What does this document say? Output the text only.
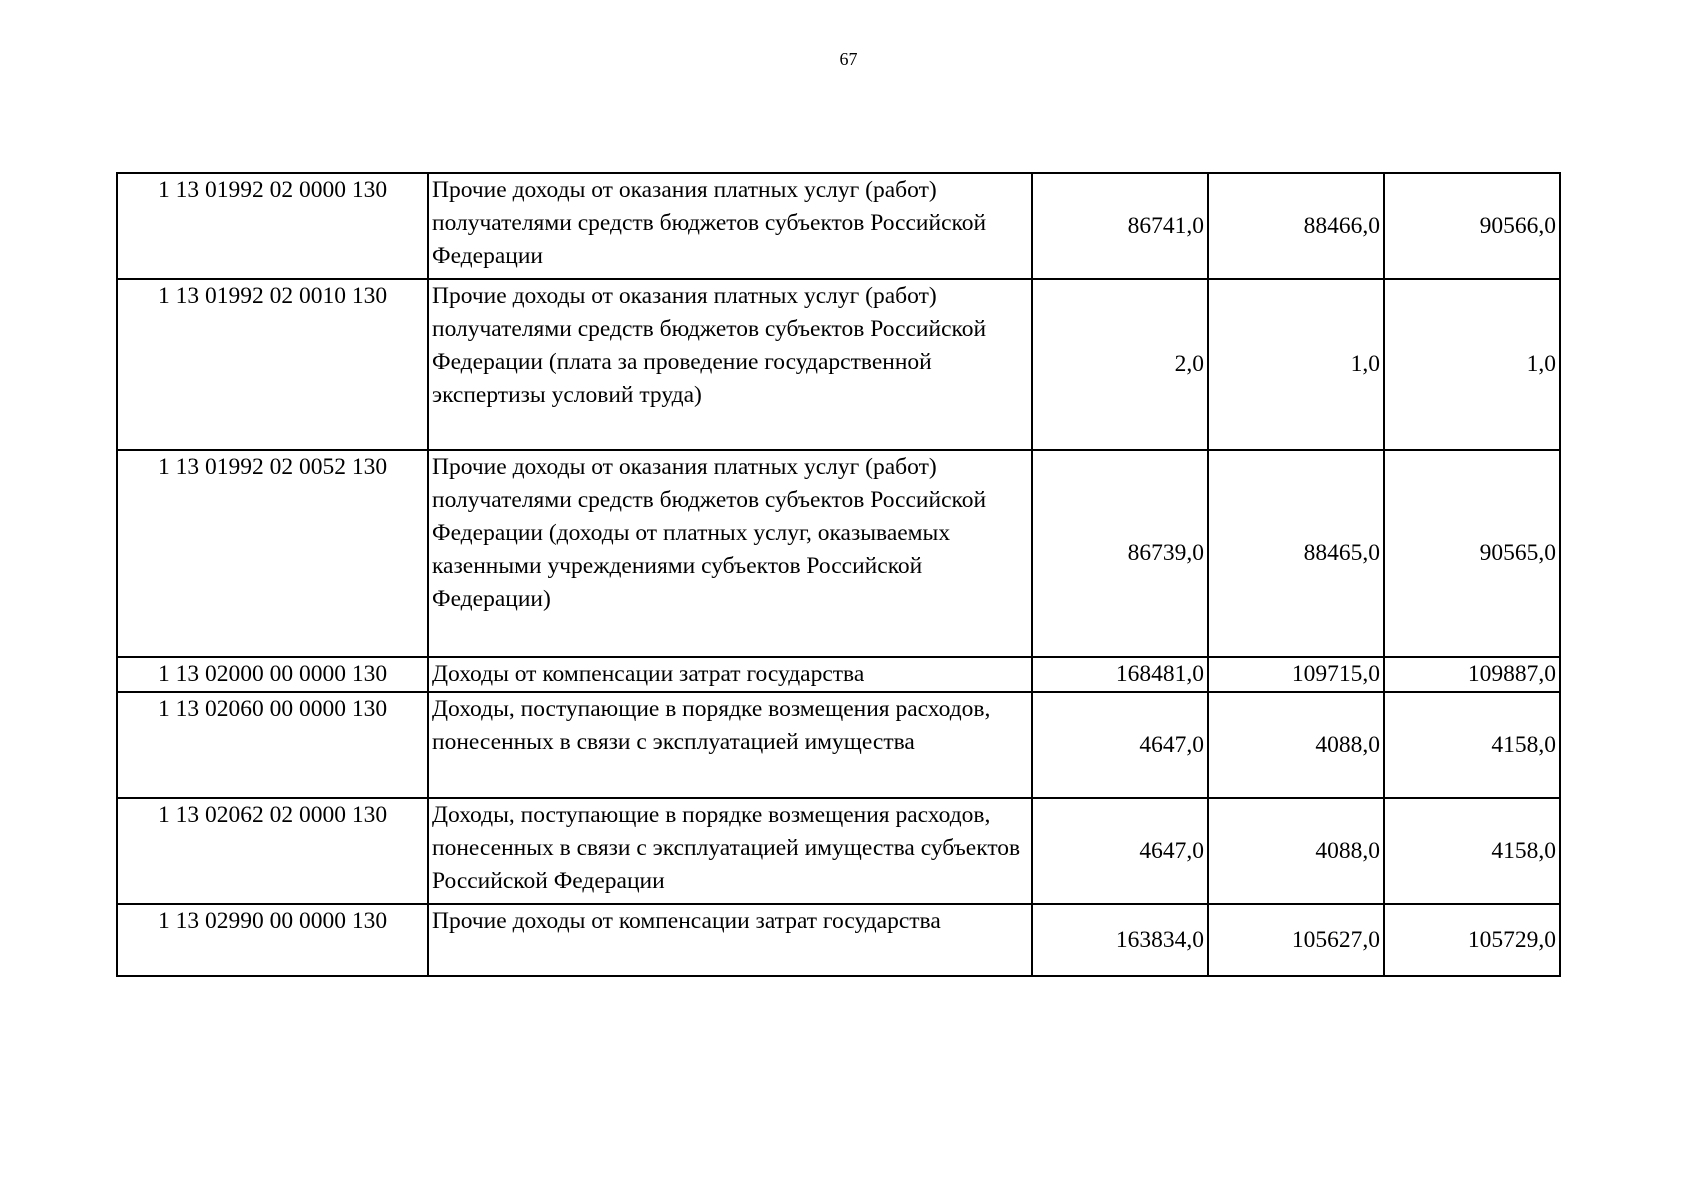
67
1 13 01992 02 0000 130	Прочие доходы от оказания платных услуг (работ) получателями средств бюджетов субъектов Российской Федерации	86741,0	88466,0	90566,0
1 13 01992 02 0010 130	Прочие доходы от оказания платных услуг (работ) получателями средств бюджетов субъектов Российской Федерации (плата за проведение государственной экспертизы условий труда)	2,0	1,0	1,0
1 13 01992 02 0052 130	Прочие доходы от оказания платных услуг (работ) получателями средств бюджетов субъектов Российской Федерации (доходы от платных услуг, оказываемых казенными учреждениями субъектов Российской Федерации)	86739,0	88465,0	90565,0
1 13 02000 00 0000 130	Доходы от компенсации затрат государства	168481,0	109715,0	109887,0
1 13 02060 00 0000 130	Доходы, поступающие в порядке возмещения расходов, понесенных в связи с эксплуатацией имущества	4647,0	4088,0	4158,0
1 13 02062 02 0000 130	Доходы, поступающие в порядке возмещения расходов, понесенных в связи с эксплуатацией имущества субъектов Российской Федерации	4647,0	4088,0	4158,0
1 13 02990 00 0000 130	Прочие доходы от компенсации затрат государства	163834,0	105627,0	105729,0
